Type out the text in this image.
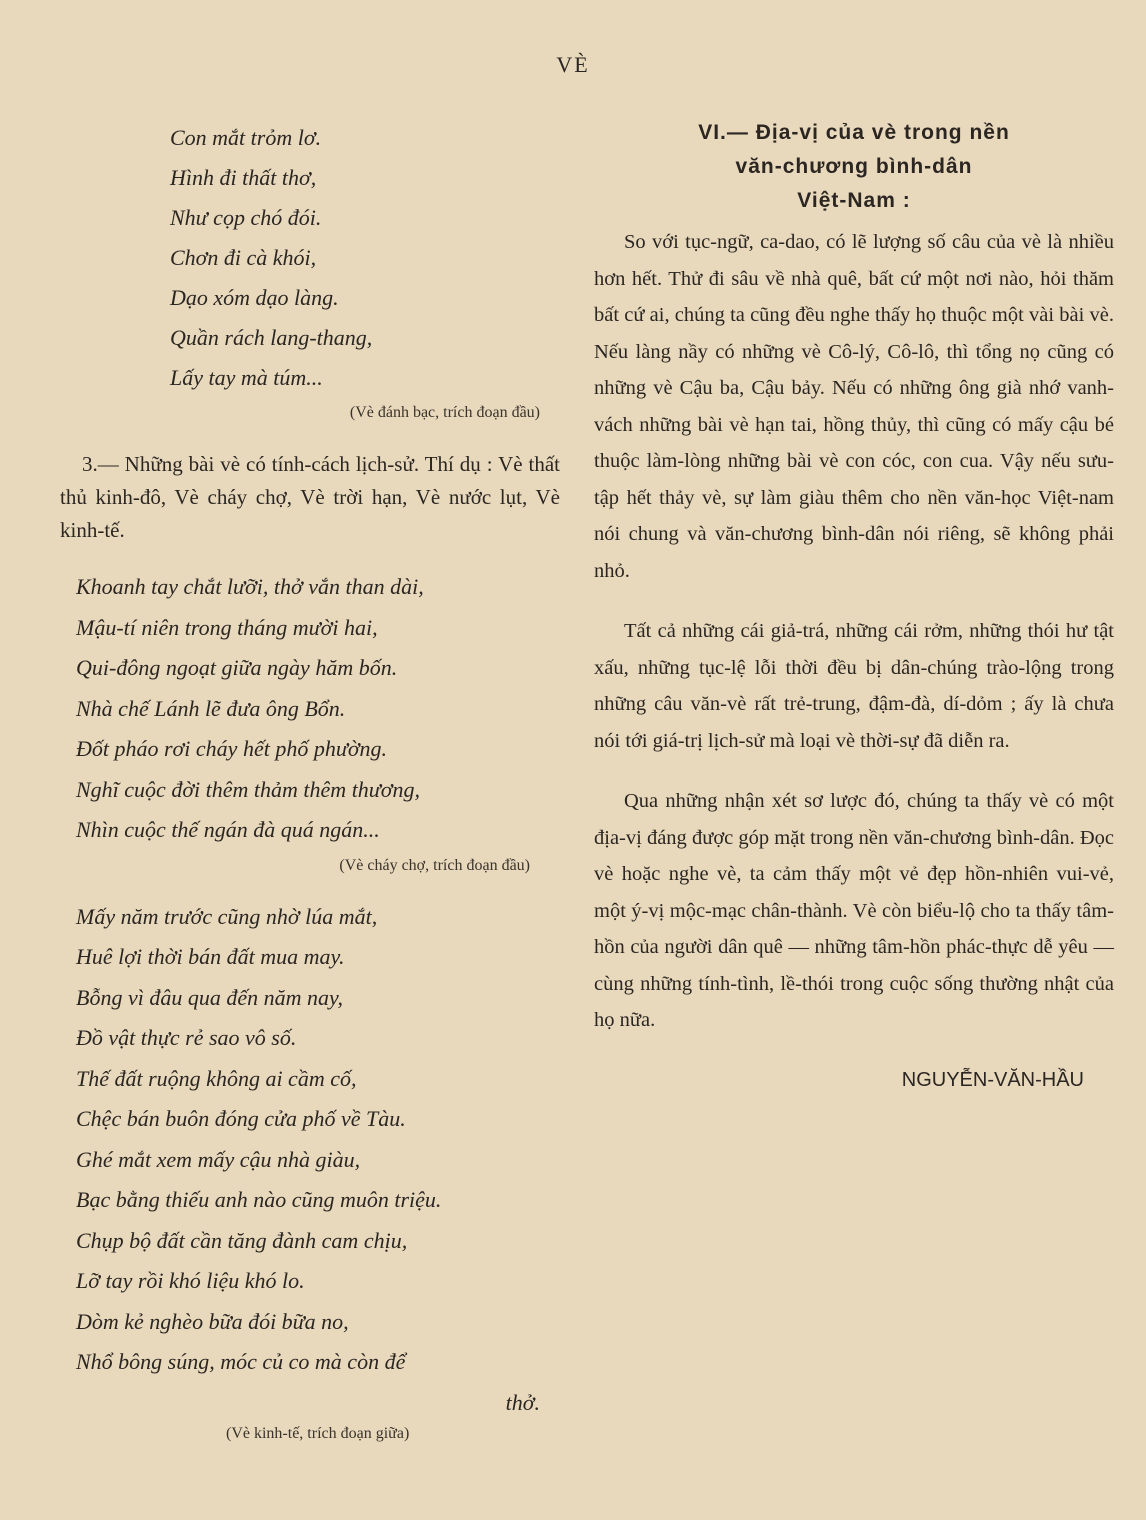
VÈ
Con mắt trỏm lơ.
Hình đi thất thơ,
Như cọp chó đói.
Chơn đi cà khói,
Dạo xóm dạo làng.
Quần rách lang-thang,
Lấy tay mà túm...
(Vè đánh bạc, trích đoạn đầu)
3.— Những bài vè có tính-cách lịch-sử. Thí dụ : Vè thất thủ kinh-đô, Vè cháy chợ, Vè trời hạn, Vè nước lụt, Vè kinh-tế.
Khoanh tay chắt lưỡi, thở vắn than dài,
Mậu-tí niên trong tháng mười hai,
Qui-đông ngoạt giữa ngày hăm bốn.
Nhà chế Lánh lẽ đưa ông Bổn.
Đốt pháo rơi cháy hết phố phường.
Nghĩ cuộc đời thêm thảm thêm thương,
Nhìn cuộc thế ngán đà quá ngán...
(Vè cháy chợ, trích đoạn đầu)
Mấy năm trước cũng nhờ lúa mắt,
Huê lợi thời bán đất mua may.
Bỗng vì đâu qua đến năm nay,
Đồ vật thực rẻ sao vô số.
Thế đất ruộng không ai cầm cố,
Chệc bán buôn đóng cửa phố về Tàu.
Ghé mắt xem mấy cậu nhà giàu,
Bạc bằng thiếu anh nào cũng muôn triệu.
Chụp bộ đất cần tăng đành cam chịu,
Lỡ tay rồi khó liệu khó lo.
Dòm kẻ nghèo bữa đói bữa no,
Nhổ bông súng, móc củ co mà còn để
thở.
(Vè kinh-tế, trích đoạn giữa)
VI.— Địa-vị của vè trong nền
văn-chương bình-dân
Việt-Nam :
So với tục-ngữ, ca-dao, có lẽ lượng số câu của vè là nhiều hơn hết. Thử đi sâu về nhà quê, bất cứ một nơi nào, hỏi thăm bất cứ ai, chúng ta cũng đều nghe thấy họ thuộc một vài bài vè. Nếu làng nầy có những vè Cô-lý, Cô-lô, thì tổng nọ cũng có những vè Cậu ba, Cậu bảy. Nếu có những ông già nhớ vanh-vách những bài vè hạn tai, hồng thủy, thì cũng có mấy cậu bé thuộc làm-lòng những bài vè con cóc, con cua. Vậy nếu sưu-tập hết thảy vè, sự làm giàu thêm cho nền văn-học Việt-nam nói chung và văn-chương bình-dân nói riêng, sẽ không phải nhỏ.
Tất cả những cái giả-trá, những cái rởm, những thói hư tật xấu, những tục-lệ lỗi thời đều bị dân-chúng trào-lộng trong những câu văn-vè rất trẻ-trung, đậm-đà, dí-dỏm ; ấy là chưa nói tới giá-trị lịch-sử mà loại vè thời-sự đã diễn ra.
Qua những nhận xét sơ lược đó, chúng ta thấy vè có một địa-vị đáng được góp mặt trong nền văn-chương bình-dân. Đọc vè hoặc nghe vè, ta cảm thấy một vẻ đẹp hồn-nhiên vui-vẻ, một ý-vị mộc-mạc chân-thành. Vè còn biểu-lộ cho ta thấy tâm-hồn của người dân quê — những tâm-hồn phác-thực dễ yêu — cùng những tính-tình, lề-thói trong cuộc sống thường nhật của họ nữa.
NGUYỄN-VĂN-HẦU
